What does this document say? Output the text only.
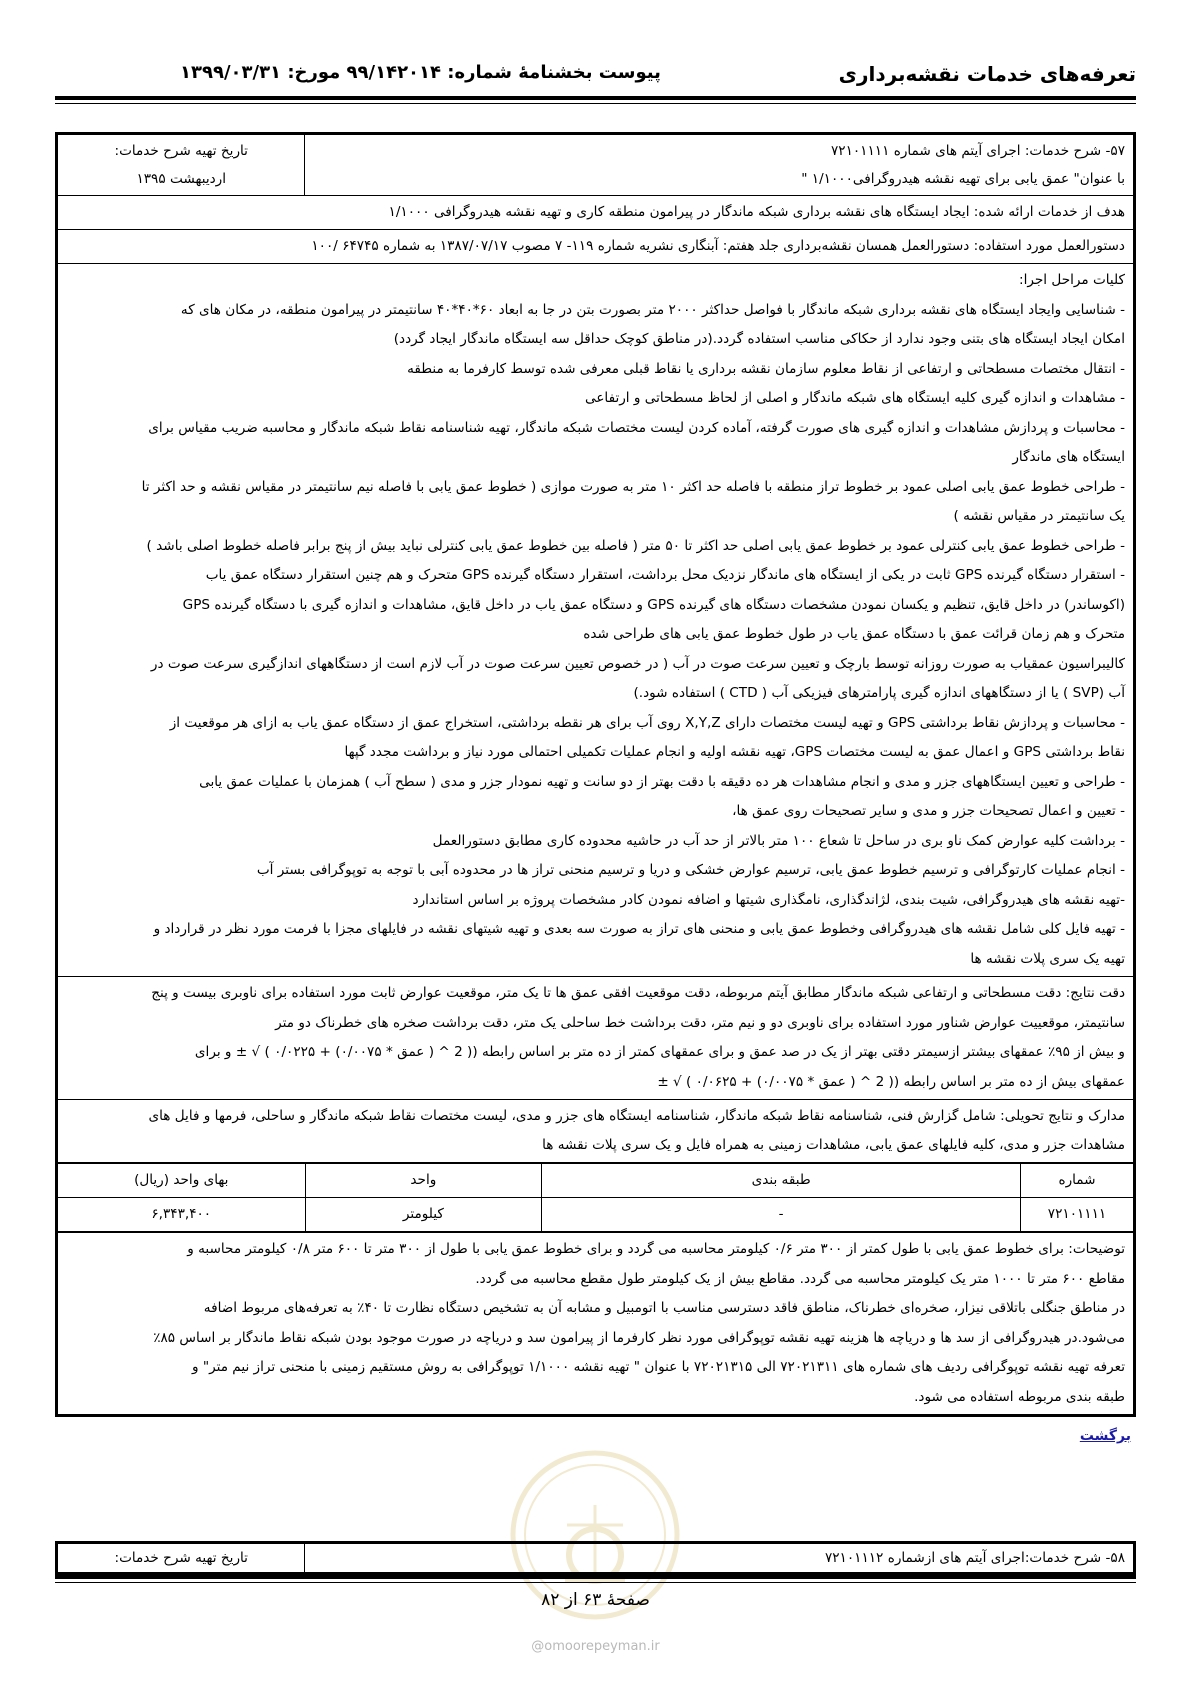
تعرفه‌های خدمات نقشه‌برداری
پیوست بخشنامهٔ شماره: ۹۹/۱۴۲۰۱۴ مورخ: ۱۳۹۹/۰۳/۳۱
۵۷- شرح خدمات: اجرای آیتم های شماره ۷۲۱۰۱۱۱۱
با عنوان" عمق یابی برای تهیه نقشه هیدروگرافی۱/۱۰۰۰ "

تاریخ تهیه شرح خدمات:
اردیبهشت ۱۳۹۵

هدف از خدمات ارائه شده: ایجاد ایستگاه های نقشه برداری شبکه ماندگار در پیرامون منطقه کاری و تهیه نقشه هیدروگرافی ۱/۱۰۰۰
دستورالعمل مورد استفاده: دستورالعمل همسان نقشه‌برداری جلد هفتم: آبنگاری نشریه شماره ۱۱۹- ۷ مصوب ۱۳۸۷/۰۷/۱۷ به شماره ۶۴۷۴۵ /۱۰۰

کلیات مراحل اجرا:
- شناسایی وایجاد ایستگاه های نقشه برداری شبکه ماندگار با فواصل حداکثر ۲۰۰۰ متر بصورت بتن در جا به ابعاد ۶۰*۴۰*۴۰ سانتیمتر در پیرامون منطقه، در مکان های که
امکان ایجاد ایستگاه های بتنی وجود ندارد از حکاکی مناسب استفاده گردد.(در مناطق کوچک حداقل سه ایستگاه ماندگار ایجاد گردد)
- انتقال مختصات مسطحاتی و ارتفاعی از نقاط معلوم سازمان نقشه برداری یا نقاط قبلی معرفی شده توسط کارفرما به منطقه
- مشاهدات و اندازه گیری کلیه ایستگاه های شبکه ماندگار و اصلی از لحاظ مسطحاتی و ارتفاعی
- محاسبات و پردازش مشاهدات و اندازه گیری های صورت گرفته، آماده کردن لیست مختصات شبکه ماندگار، تهیه شناسنامه نقاط شبکه ماندگار و محاسبه ضریب مقیاس برای
ایستگاه های ماندگار
- طراحی خطوط عمق یابی اصلی عمود بر خطوط تراز منطقه با فاصله حد اکثر ۱۰ متر به صورت موازی ( خطوط عمق یابی با فاصله نیم سانتیمتر در مقیاس نقشه و حد اکثر تا
یک سانتیمتر در مقیاس نقشه )
- طراحی خطوط عمق یابی کنترلی عمود بر خطوط عمق یابی اصلی حد اکثر تا ۵۰ متر ( فاصله بین خطوط عمق یابی کنترلی نباید بیش از پنج برابر فاصله خطوط اصلی باشد )
- استقرار دستگاه گیرنده GPS ثابت در یکی از ایستگاه های ماندگار نزدیک محل برداشت، استقرار دستگاه گیرنده GPS متحرک و هم چنین استقرار دستگاه عمق یاب
(اکوساندر) در داخل قایق، تنظیم و یکسان نمودن مشخصات دستگاه های گیرنده GPS و دستگاه عمق یاب در داخل قایق، مشاهدات و اندازه گیری با دستگاه گیرنده GPS
متحرک و هم زمان قرائت عمق با دستگاه عمق یاب در طول خطوط عمق یابی های طراحی شده
کالیبراسیون عمقیاب به صورت روزانه توسط بارچک و تعیین سرعت صوت در آب ( در خصوص تعیین سرعت صوت در آب لازم است از دستگاههای اندازگیری سرعت صوت در
آب (SVP ) یا از دستگاههای اندازه گیری پارامترهای فیزیکی آب ( CTD ) استفاده شود.)
- محاسبات و پردازش نقاط برداشتی GPS و تهیه لیست مختصات دارای X,Y,Z روی آب برای هر نقطه برداشتی، استخراج عمق از دستگاه عمق یاب به ازای هر موقعیت از
نقاط برداشتی GPS و اعمال عمق به لیست مختصات GPS، تهیه نقشه اولیه و انجام عملیات تکمیلی احتمالی مورد نیاز و برداشت مجدد گپها
- طراحی و تعیین ایستگاههای جزر و مدی و انجام مشاهدات هر ده دقیقه با دقت بهتر از دو سانت و تهیه نمودار جزر و مدی ( سطح آب ) همزمان با عملیات عمق یابی
- تعیین و اعمال تصحیحات جزر و مدی و سایر تصحیحات روی عمق ها،
- برداشت کلیه عوارض کمک ناو بری در ساحل تا شعاع ۱۰۰ متر بالاتر از حد آب در حاشیه محدوده کاری مطابق دستورالعمل
- انجام عملیات کارتوگرافی و ترسیم خطوط عمق یابی، ترسیم عوارض خشکی و دریا و ترسیم منحنی تراز ها در محدوده آبی با توجه به توپوگرافی بستر آب
-تهیه نقشه های هیدروگرافی، شیت بندی، لژاندگذاری، نامگذاری شیتها و اضافه نمودن کادر مشخصات پروژه بر اساس استاندارد
- تهیه فایل کلی شامل نقشه های هیدروگرافی وخطوط عمق یابی و منحنی های تراز به صورت سه بعدی و تهیه شیتهای نقشه در فایلهای مجزا با فرمت مورد نظر در قرارداد و
تهیه یک سری پلات نقشه ها

دقت نتایج: دقت مسطحاتی و ارتفاعی شبکه ماندگار مطابق آیتم مربوطه، دقت موقعیت افقی عمق ها تا یک متر، موقعیت عوارض ثابت مورد استفاده برای ناوبری بیست و پنج
سانتیمتر، موقعییت عوارض شناور مورد استفاده برای ناوبری دو و نیم متر، دقت برداشت خط ساحلی یک متر، دقت برداشت صخره های خطرناک دو متر
و بیش از ۹۵٪ عمقهای بیشتر ازسیمتر دقتی بهتر از یک در صد عمق و برای عمقهای کمتر از ده متر بر اساس رابطه (( 2 ^ ( عمق * ۰/۰۰۷۵) + ۰/۰۲۲۵ ) √ ± و برای
عمقهای بیش از ده متر بر اساس رابطه (( 2 ^ ( عمق * ۰/۰۰۷۵) + ۰/۰۶۲۵ ) √ ±

مدارک و نتایج تحویلی: شامل گزارش فنی، شناسنامه نقاط شبکه ماندگار، شناسنامه ایستگاه های جزر و مدی، لیست مختصات نقاط شبکه ماندگار و ساحلی، فرمها و فایل های
مشاهدات جزر و مدی، کلیه فایلهای عمق یابی، مشاهدات زمینی به همراه فایل و یک سری پلات نقشه ها
شماره	طبقه بندی	واحد	بهای واحد (ریال)
۷۲۱۰۱۱۱۱	-	کیلومتر	۶,۳۴۳,۴۰۰
توضیحات: برای خطوط عمق یابی با طول کمتر از ۳۰۰ متر ۰/۶ کیلومتر محاسبه می گردد و برای خطوط عمق یابی با طول از ۳۰۰ متر تا ۶۰۰ متر ۰/۸ کیلومتر محاسبه و
مقاطع ۶۰۰ متر تا ۱۰۰۰ متر یک کیلومتر محاسبه می گردد. مقاطع بیش از یک کیلومتر طول مقطع محاسبه می گردد.
در مناطق جنگلی باتلاقی نیزار، صخره‌ای خطرناک، مناطق فاقد دسترسی مناسب با اتومبیل و مشابه آن به تشخیص دستگاه نظارت تا ۴۰٪ به تعرفه‌های مربوط اضافه
می‌شود.در هیدروگرافی از سد ها و دریاچه ها هزینه تهیه نقشه توپوگرافی مورد نظر کارفرما از پیرامون سد و دریاچه در صورت موجود بودن شبکه نقاط ماندگار بر اساس ۸۵٪
تعرفه تهیه نقشه توپوگرافی ردیف های شماره های ۷۲۰۲۱۳۱۱ الی ۷۲۰۲۱۳۱۵ با عنوان " تهیه نقشه ۱/۱۰۰۰ توپوگرافی به روش مستقیم زمینی با منحنی تراز نیم متر" و
طبقه بندی مربوطه استفاده می شود.
برگشت
۵۸- شرح خدمات:اجرای آیتم های ازشماره ۷۲۱۰۱۱۱۲	تاریخ تهیه شرح خدمات:
صفحهٔ ۶۳ از ۸۲
@omoorepeyman.ir
